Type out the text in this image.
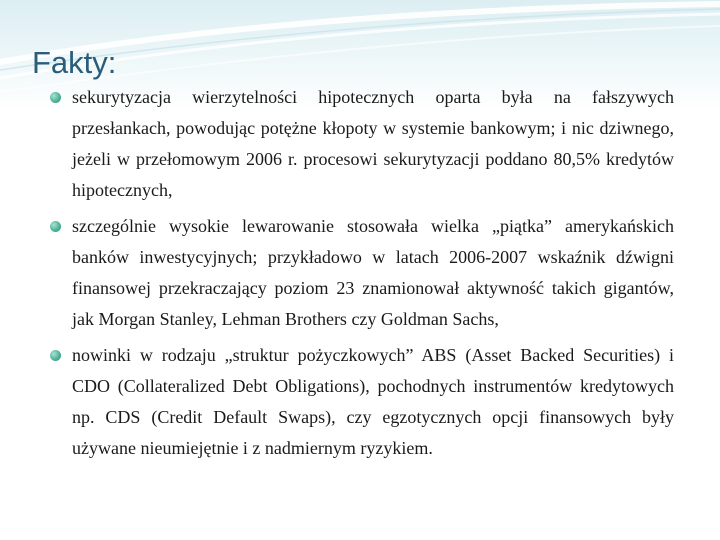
Fakty:
sekurytyzacja wierzytelności hipotecznych oparta była na fałszywych przesłankach, powodując potężne kłopoty w systemie bankowym; i nic dziwnego, jeżeli w przełomowym 2006 r. procesowi sekurytyzacji poddano 80,5% kredytów hipotecznych,
szczególnie wysokie lewarowanie stosowała wielka „piątka” amerykańskich banków inwestycyjnych; przykładowo w latach 2006-2007 wskaźnik dźwigni finansowej przekraczający poziom 23 znamionował aktywność takich gigantów, jak Morgan Stanley, Lehman Brothers czy Goldman Sachs,
nowinki w rodzaju „struktur pożyczkowych” ABS (Asset Backed Securities) i CDO (Collateralized Debt Obligations), pochodnych instrumentów kredytowych np. CDS (Credit Default Swaps), czy egzotycznych opcji finansowych były używane nieumiejętnie i z nadmiernym ryzykiem.
